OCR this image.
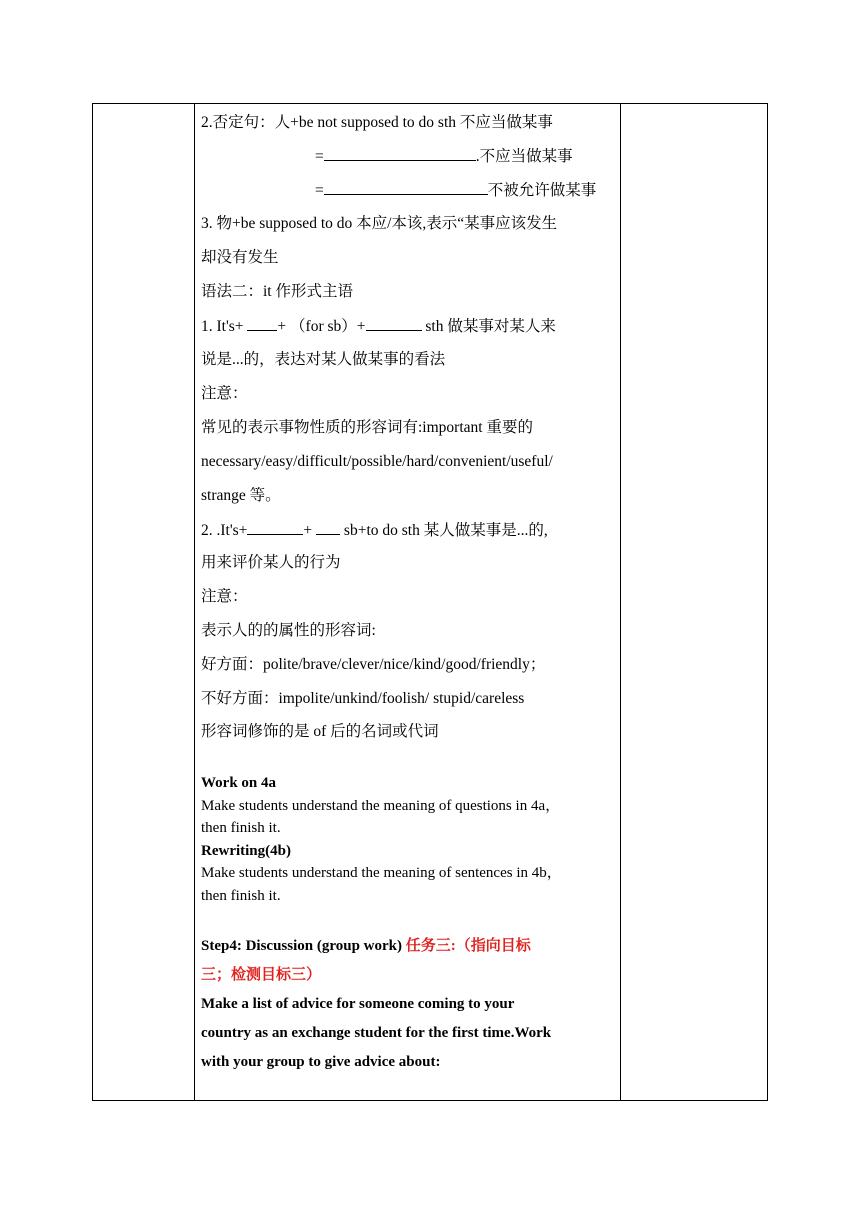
2.否定句：人+be not supposed to do sth 不应当做某事
=	.不应当做某事
=	不被允许做某事
3. 物+be supposed to do 本应/本该,表示“某事应该发生
却没有发生
语法二：it 作形式主语
1. It's+ + （for sb）+	sth 做某事对某人来
说是...的，表达对某人做某事的看法
注意：
常见的表示事物性质的形容词有:important 重要的
necessary/easy/difficult/possible/hard/convenient/useful/
strange 等。
2. .It's+	+  sb+to do sth 某人做某事是...的,
用来评价某人的行为
注意：
表示人的的属性的形容词:
好方面：polite/brave/clever/nice/kind/good/friendly；
不好方面：impolite/unkind/foolish/ stupid/careless
形容词修饰的是 of 后的名词或代词
Work on 4a
Make students understand the meaning of questions in 4a，
then finish it.
Rewriting(4b)
Make students understand the meaning of sentences in 4b，
then finish it.
Step4: Discussion (group work) 任务三:（指向目标
三；检测目标三）
Make a list of advice for someone coming to your
country as an exchange student for the first time.Work
with your group to give advice about:
